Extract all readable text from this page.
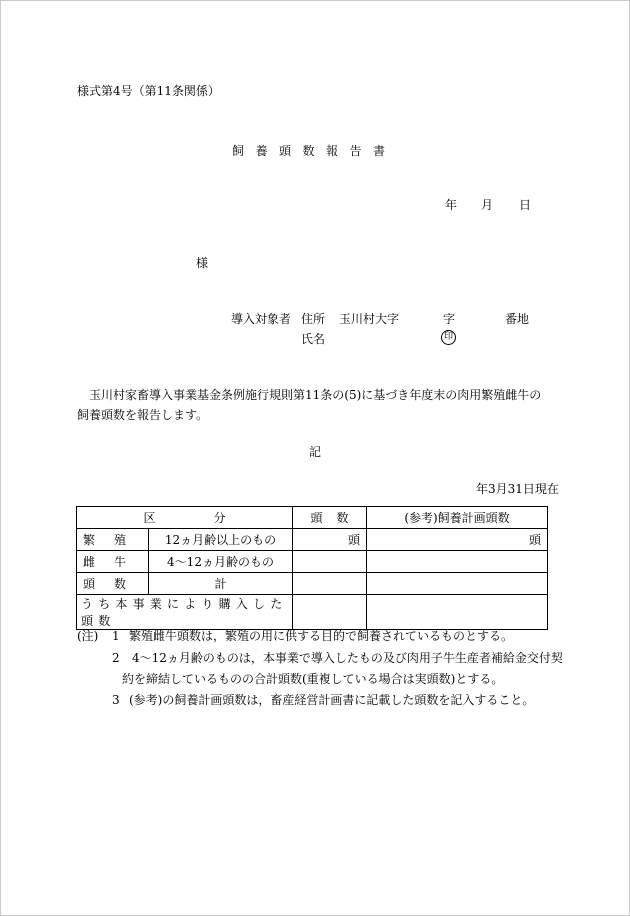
様式第4号（第11条関係）
飼養頭数報告書
年 月 日
様
導入対象者 住所 玉川村大字	字	番地
氏名	印
玉川村家畜導入事業基金条例施行規則第11条の(5)に基づき年度末の肉用繁殖雌牛の飼養頭数を報告します。
記
年3月31日現在
区 分		頭 数	(参考)飼養計画頭数

繁 殖	12ヵ月齢以上のもの	頭	頭

雌 牛	4〜12ヵ月齢のもの		

頭 数	計		
うち本事業により購入した頭数			
(注) 1 繁殖雌牛頭数は，繁殖の用に供する目的で飼養されているものとする。
2 4〜12ヵ月齢のものは，本事業で導入したもの及び肉用子牛生産者補給金交付契
約を締結しているものの合計頭数(重複している場合は実頭数)とする。
3 (参考)の飼養計画頭数は，畜産経営計画書に記載した頭数を記入すること。
